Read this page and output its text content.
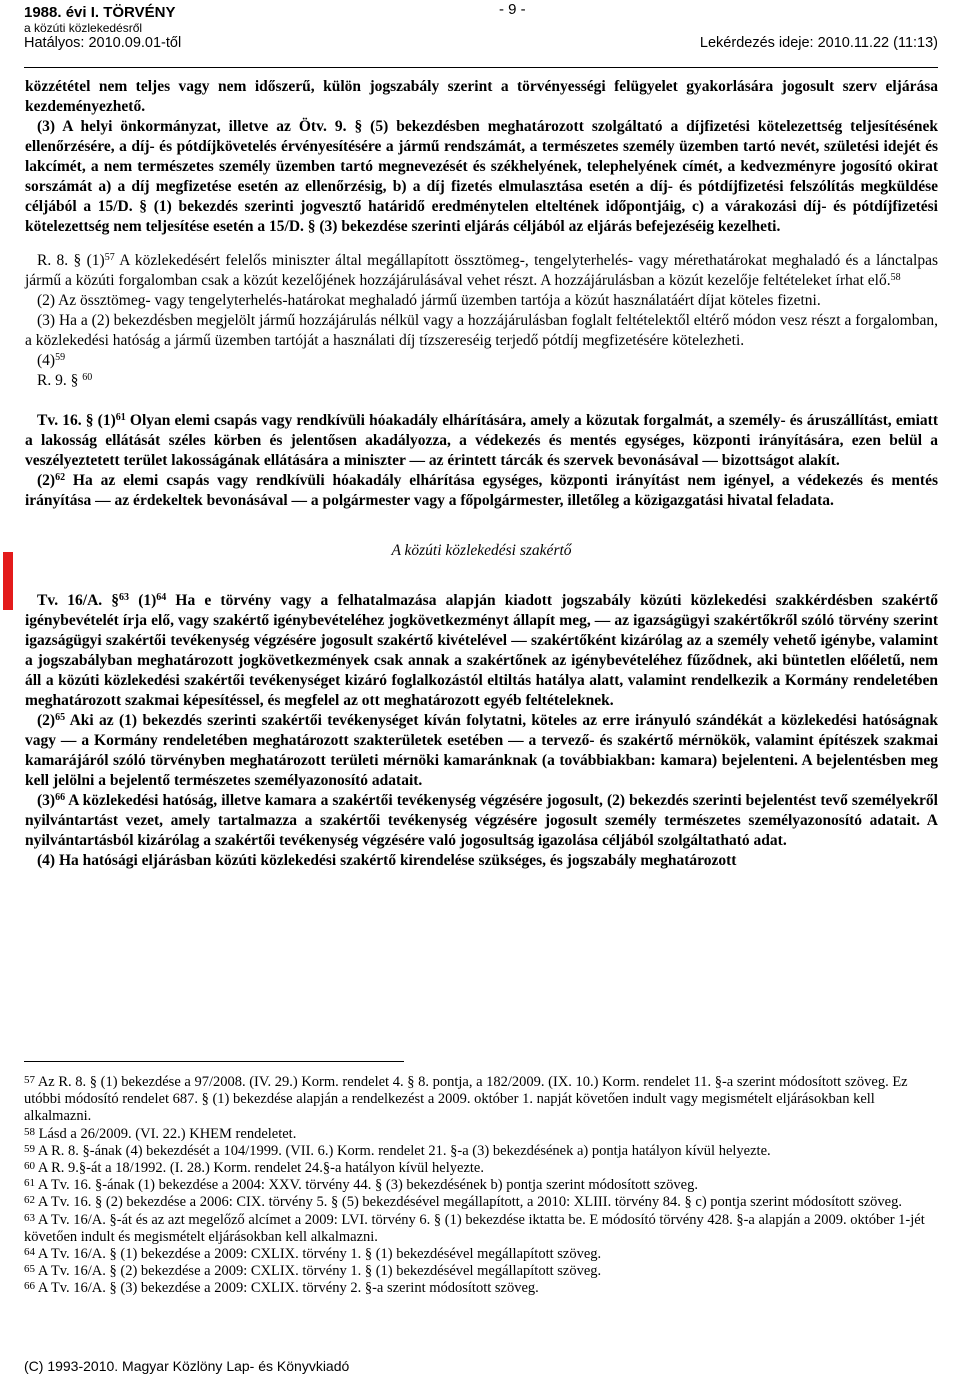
1988. évi I. TÖRVÉNY
a közúti közlekedésről
Hatályos: 2010.09.01-től	Lekérdezés ideje: 2010.11.22 (11:13)
- 9 -

közzététel nem teljes vagy nem időszerű, külön jogszabály szerint a törvényességi felügyelet gyakorlására jogosult szerv eljárása kezdeményezhető.

(3) A helyi önkormányzat, illetve az Ötv. 9. § (5) bekezdésben meghatározott szolgáltató a díjfizetési kötelezettség teljesítésének ellenőrzésére, a díj- és pótdíjkövetelés érvényesítésére a jármű rendszámát, a természetes személy üzemben tartó nevét, születési idejét és lakcímét, a nem természetes személy üzemben tartó megnevezését és székhelyének, telephelyének címét, a kedvezményre jogosító okirat sorszámát a) a díj megfizetése esetén az ellenőrzésig, b) a díj fizetés elmulasztása esetén a díj- és pótdíjfizetési felszólítás megküldése céljából a 15/D. § (1) bekezdés szerinti jogvesztő határidő eredménytelen elteltének időpontjáig, c) a várakozási díj- és pótdíjfizetési kötelezettség nem teljesítése esetén a 15/D. § (3) bekezdése szerinti eljárás céljából az eljárás befejezéséig kezelheti.

R. 8. § $(1)^{57}$ A közlekedésért felelős miniszter által megállapított össztömeg-, tengelyterhelés- vagy mérethatárokat meghaladó és a lánctalpas jármű a közúti forgalomban csak a közút kezelőjének hozzájárulásával vehet részt. A hozzájárulásban a közút kezelője feltételeket írhat elő.$^{58}$

(2) Az össztömeg- vagy tengelyterhelés-határokat meghaladó jármű üzemben tartója a közút használatáért díjat köteles fizetni.

(3) Ha a (2) bekezdésben megjelölt jármű hozzájárulás nélkül vagy a hozzájárulásban foglalt feltételektől eltérő módon vesz részt a forgalomban, a közlekedési hatóság a jármű üzemben tartóját a használati díj tízszereséig terjedő pótdíj megfizetésére kötelezheti.

$(4)^{59}$

R. 9. § $^{60}$

Tv. 16. § $(1)^{61}$ Olyan elemi csapás vagy rendkívüli hóakadály elhárítására, amely a közutak forgalmát, a személy- és áruszállítást, emiatt a lakosság ellátását széles körben és jelentősen akadályozza, a védekezés és mentés egységes, központi irányítására, ezen belül a veszélyeztetett terület lakosságának ellátására a miniszter — az érintett tárcák és szervek bevonásával — bizottságot alakít.

$(2)^{62}$ Ha az elemi csapás vagy rendkívüli hóakadály elhárítása egységes, központi irányítást nem igényel, a védekezés és mentés irányítása — az érdekeltek bevonásával — a polgármester vagy a főpolgármester, illetőleg a közigazgatási hivatal feladata.

A közúti közlekedési szakértő

Tv. 16/A. §$^{63}$ $(1)^{64}$ Ha e törvény vagy a felhatalmazása alapján kiadott jogszabály közúti közlekedési szakkérdésben szakértő igénybevételét írja elő, vagy szakértő igénybevételéhez jogkövetkezményt állapít meg, — az igazságügyi szakértőkről szóló törvény szerint igazságügyi szakértői tevékenység végzésére jogosult szakértő kivételével — szakértőként kizárólag az a személy vehető igénybe, valamint a jogszabályban meghatározott jogkövetkezmények csak annak a szakértőnek az igénybevételéhez fűződnek, aki büntetlen előéletű, nem áll a közúti közlekedési szakértői tevékenységet kizáró foglalkozástól eltiltás hatálya alatt, valamint rendelkezik a Kormány rendeletében meghatározott szakmai képesítéssel, és megfelel az ott meghatározott egyéb feltételeknek.

$(2)^{65}$ Aki az (1) bekezdés szerinti szakértői tevékenységet kíván folytatni, köteles az erre irányuló szándékát a közlekedési hatóságnak vagy — a Kormány rendeletében meghatározott szakterületek esetében — a tervező- és szakértő mérnökök, valamint építészek szakmai kamarájáról szóló törvényben meghatározott területi mérnöki kamaránknak (a továbbiakban: kamara) bejelenteni. A bejelentésben meg kell jelölni a bejelentő természetes személyazonosító adatait.

$(3)^{66}$ A közlekedési hatóság, illetve kamara a szakértői tevékenység végzésére jogosult, (2) bekezdés szerinti bejelentést tevő személyekről nyilvántartást vezet, amely tartalmazza a szakértői tevékenység végzésére jogosult személy természetes személyazonosító adatait. A nyilvántartásból kizárólag a szakértői tevékenység végzésére való jogosultság igazolása céljából szolgáltatható adat.

(4) Ha hatósági eljárásban közúti közlekedési szakértő kirendelése szükséges, és jogszabály meghatározott

$^{57}$ Az R. 8. § (1) bekezdése a 97/2008. (IV. 29.) Korm. rendelet 4. § 8. pontja, a 182/2009. (IX. 10.) Korm. rendelet 11. §-a szerint módosított szöveg. Ez utóbbi módosító rendelet 687. § (1) bekezdése alapján a rendelkezést a 2009. október 1. napját követően indult vagy megismételt eljárásokban kell alkalmazni.

$^{58}$ Lásd a 26/2009. (VI. 22.) KHEM rendeletet.

$^{59}$ A R. 8. §-ának (4) bekezdését a 104/1999. (VII. 6.) Korm. rendelet 21. §-a (3) bekezdésének a) pontja hatályon kívül helyezte.

$^{60}$ A R. 9.§-át a 18/1992. (I. 28.) Korm. rendelet 24.§-a hatályon kívül helyezte.

$^{61}$ A Tv. 16. §-ának (1) bekezdése a 2004: XXV. törvény 44. § (3) bekezdésének b) pontja szerint módosított szöveg.

$^{62}$ A Tv. 16. § (2) bekezdése a 2006: CIX. törvény 5. § (5) bekezdésével megállapított, a 2010: XLIII. törvény 84. § c) pontja szerint módosított szöveg.

$^{63}$ A Tv. 16/A. §-át és az azt megelőző alcímet a 2009: LVI. törvény 6. § (1) bekezdése iktatta be. E módosító törvény 428. §-a alapján a 2009. október 1-jét követően indult és megismételt eljárásokban kell alkalmazni.

$^{64}$ A Tv. 16/A. § (1) bekezdése a 2009: CXLIX. törvény 1. § (1) bekezdésével megállapított szöveg.

$^{65}$ A Tv. 16/A. § (2) bekezdése a 2009: CXLIX. törvény 1. § (1) bekezdésével megállapított szöveg.

$^{66}$ A Tv. 16/A. § (3) bekezdése a 2009: CXLIX. törvény 2. §-a szerint módosított szöveg.

(C) 1993-2010. Magyar Közlöny Lap- és Könyvkiadó
